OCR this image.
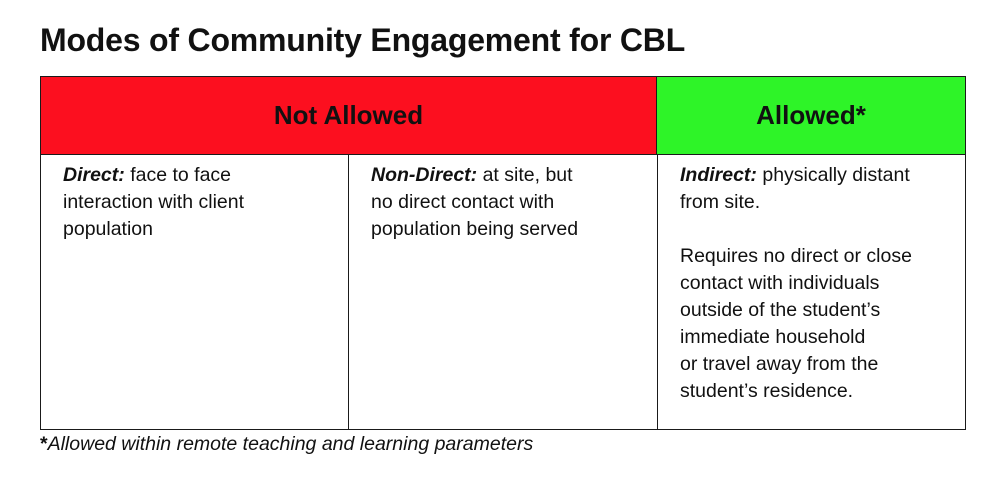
Modes of Community Engagement for CBL
Not Allowed	Allowed*
Direct: face to face
interaction with client
population
Non-Direct: at site, but
no direct contact with
population being served
Indirect: physically distant
from site.
Requires no direct or close
contact with individuals
outside of the student’s
immediate household
or travel away from the
student’s residence.
*Allowed within remote teaching and learning parameters
